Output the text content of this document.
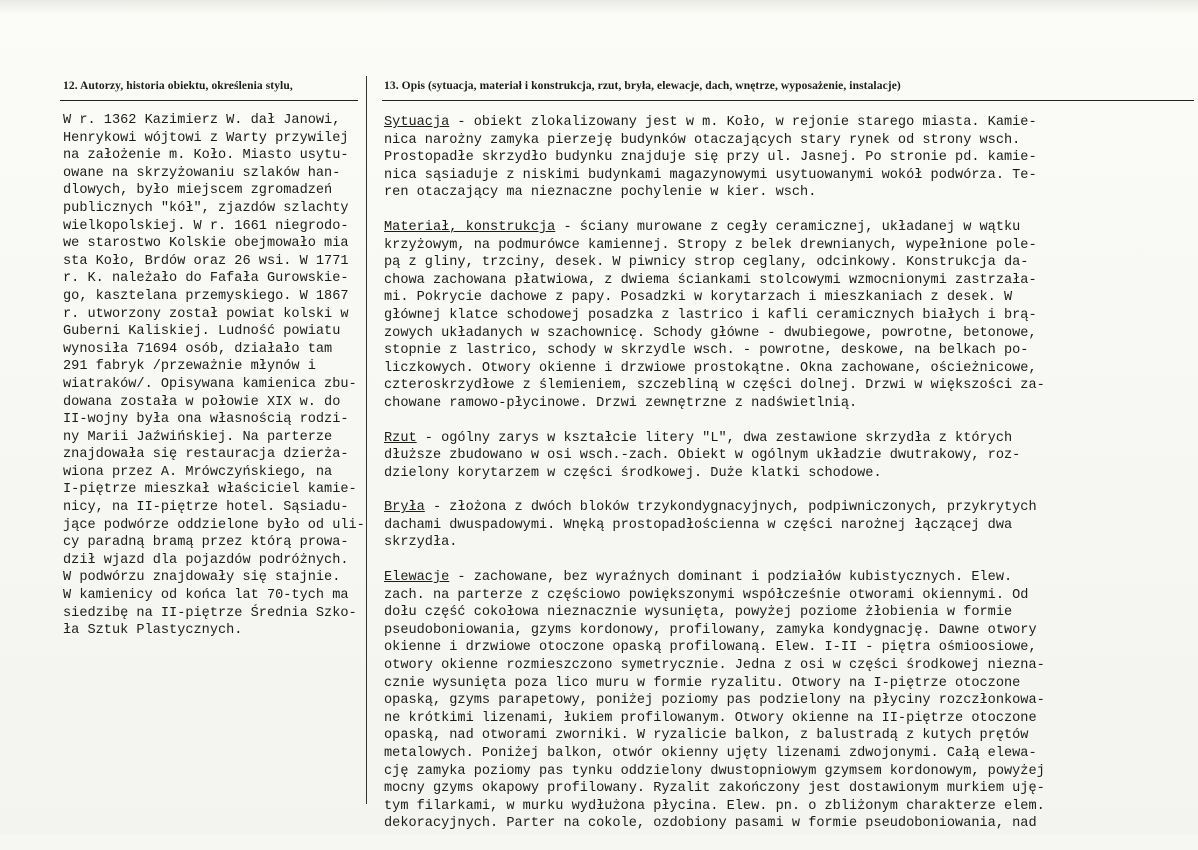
12. Autorzy, historia obiektu, określenia stylu,	13. Opis (sytuacja, materiał i konstrukcja, rzut, bryła, elewacje, dach, wnętrze, wyposażenie, instalacje)
W r. 1362 Kazimierz W. dał Janowi,
Henrykowi wójtowi z Warty przywilej
na założenie m. Koło. Miasto usytu-
owane na skrzyżowaniu szlaków han-
dlowych, było miejscem zgromadzeń
publicznych "kół", zjazdów szlachty
wielkopolskiej. W r. 1661 niegrodo-
we starostwo Kolskie obejmowało mia
sta Koło, Brdów oraz 26 wsi. W 1771
r. K. należało do Fafała Gurowskie-
go, kasztelana przemyskiego. W 1867
r. utworzony został powiat kolski w
Guberni Kaliskiej. Ludność powiatu
wynosiła 71694 osób, działało tam
291 fabryk /przeważnie młynów i
wiatraków/. Opisywana kamienica zbu-
dowana została w połowie XIX w. do
II-wojny była ona własnością rodzi-
ny Marii Jaźwińskiej. Na parterze
znajdowała się restauracja dzierża-
wiona przez A. Mrówczyńskiego, na
I-piętrze mieszkał właściciel kamie-
nicy, na II-piętrze hotel. Sąsiadu-
jące podwórze oddzielone było od uli-
cy paradną bramą przez którą prowa-
dził wjazd dla pojazdów podróżnych.
W podwórzu znajdowały się stajnie.
W kamienicy od końca lat 70-tych ma
siedzibę na II-piętrze Średnia Szko-
ła Sztuk Plastycznych.
Sytuacja - obiekt zlokalizowany jest w m. Koło, w rejonie starego miasta. Kamie-
nica narożny zamyka pierzeję budynków otaczających stary rynek od strony wsch.
Prostopadłe skrzydło budynku znajduje się przy ul. Jasnej. Po stronie pd. kamie-
nica sąsiaduje z niskimi budynkami magazynowymi usytuowanymi wokół podwórza. Te-
ren otaczający ma nieznaczne pochylenie w kier. wsch.
Materiał, konstrukcja - ściany murowane z cegły ceramicznej, układanej w wątku
krzyżowym, na podmurówce kamiennej. Stropy z belek drewnianych, wypełnione pole-
pą z gliny, trzciny, desek. W piwnicy strop ceglany, odcinkowy. Konstrukcja da-
chowa zachowana płatwiowa, z dwiema ściankami stolcowymi wzmocnionymi zastrzała-
mi. Pokrycie dachowe z papy. Posadzki w korytarzach i mieszkaniach z desek. W
głównej klatce schodowej posadzka z lastrico i kafli ceramicznych białych i brą-
zowych układanych w szachownicę. Schody główne - dwubiegowe, powrotne, betonowe,
stopnie z lastrico, schody w skrzydle wsch. - powrotne, deskowe, na belkach po-
liczkowych. Otwory okienne i drzwiowe prostokątne. Okna zachowane, ościeżnicowe,
czteroskrzydłowe z ślemieniem, szczebliną w części dolnej. Drzwi w większości za-
chowane ramowo-płycinowe. Drzwi zewnętrzne z nadświetlnią.
Rzut - ogólny zarys w kształcie litery "L", dwa zestawione skrzydła z których
dłuższe zbudowano w osi wsch.-zach. Obiekt w ogólnym układzie dwutrakowy, roz-
dzielony korytarzem w części środkowej. Duże klatki schodowe.
Bryła - złożona z dwóch bloków trzykondygnacyjnych, podpiwniczonych, przykrytych
dachami dwuspadowymi. Wnęką prostopadłościenna w części narożnej łączącej dwa
skrzydła.
Elewacje - zachowane, bez wyraźnych dominant i podziałów kubistycznych. Elew.
zach. na parterze z częściowo powiększonymi współcześnie otworami okiennymi. Od
dołu część cokołowa nieznacznie wysunięta, powyżej poziome żłobienia w formie
pseudoboniowania, gzyms kordonowy, profilowany, zamyka kondygnację. Dawne otwory
okienne i drzwiowe otoczone opaską profilowaną. Elew. I-II - piętra ośmioosiowe,
otwory okienne rozmieszczono symetrycznie. Jedna z osi w części środkowej niezna-
cznie wysunięta poza lico muru w formie ryzalitu. Otwory na I-piętrze otoczone
opaską, gzyms parapetowy, poniżej poziomy pas podzielony na płyciny rozczłonkowa-
ne krótkimi lizenami, łukiem profilowanym. Otwory okienne na II-piętrze otoczone
opaską, nad otworami zworniki. W ryzalicie balkon, z balustradą z kutych prętów
metalowych. Poniżej balkon, otwór okienny ujęty lizenami zdwojonymi. Całą elewa-
cję zamyka poziomy pas tynku oddzielony dwustopniowym gzymsem kordonowym, powyżej
mocny gzyms okapowy profilowany. Ryzalit zakończony jest dostawionym murkiem uję-
tym filarkami, w murku wydłużona płycina. Elew. pn. o zbliżonym charakterze elem.
dekoracyjnych. Parter na cokole, ozdobiony pasami w formie pseudoboniowania, nad
